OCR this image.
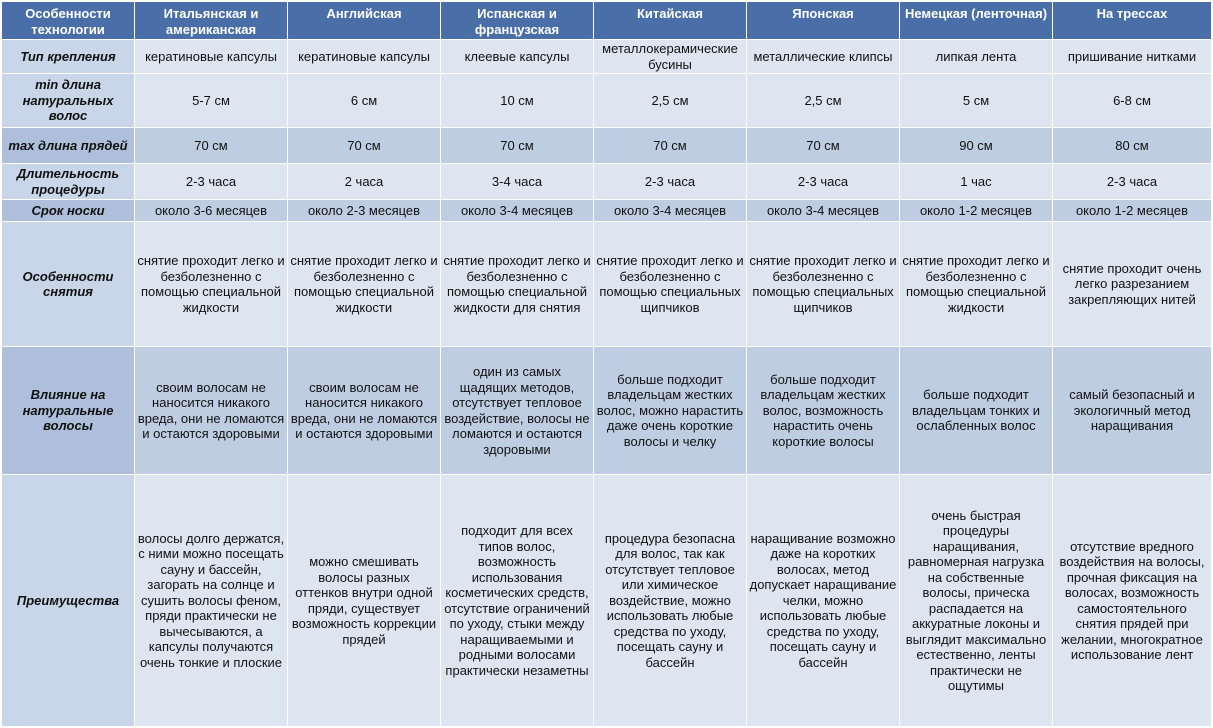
Особенности технологии	Итальянская и американская	Английская	Испанская и французская	Китайская	Японская	Немецкая (ленточная)	На трессах
Тип крепления	кератиновые капсулы	кератиновые капсулы	клеевые капсулы	металлокерамические бусины	металлические клипсы	липкая лента	пришивание нитками
min длина натуральных волос	5-7 см	6 см	10 см	2,5 см	2,5 см	5 см	6-8 см
max длина прядей	70 см	70 см	70 см	70 см	70 см	90 см	80 см
Длительность процедуры	2-3 часа	2 часа	3-4 часа	2-3 часа	2-3 часа	1 час	2-3 часа
Срок носки	около 3-6 месяцев	около 2-3 месяцев	около 3-4 месяцев	около 3-4 месяцев	около 3-4 месяцев	около 1-2 месяцев	около 1-2 месяцев
Особенности снятия	снятие проходит легко и безболезненно с помощью специальной жидкости	снятие проходит легко и безболезненно с помощью специальной жидкости	снятие проходит легко и безболезненно с помощью специальной жидкости для снятия	снятие проходит легко и безболезненно с помощью специальных щипчиков	снятие проходит легко и безболезненно с помощью специальных щипчиков	снятие проходит легко и безболезненно с помощью специальной жидкости	снятие проходит очень легко разрезанием закрепляющих нитей
Влияние на натуральные волосы	своим волосам не наносится никакого вреда, они не ломаются и остаются здоровыми	своим волосам не наносится никакого вреда, они не ломаются и остаются здоровыми	один из самых щадящих методов, отсутствует тепловое воздействие, волосы не ломаются и остаются здоровыми	больше подходит владельцам жестких волос, можно нарастить даже очень короткие волосы и челку	больше подходит владельцам жестких волос, возможность нарастить очень короткие волосы	больше подходит владельцам тонких и ослабленных волос	самый безопасный и экологичный метод наращивания
Преимущества	волосы долго держатся, с ними можно посещать сауну и бассейн, загорать на солнце и сушить волосы феном, пряди практически не вычесываются, а капсулы получаются очень тонкие и плоские	можно смешивать волосы разных оттенков внутри одной пряди, существует возможность коррекции прядей	подходит для всех типов волос, возможность использования косметических средств, отсутствие ограничений по уходу, стыки между наращиваемыми и родными волосами практически незаметны	процедура безопасна для волос, так как отсутствует тепловое или химическое воздействие, можно использовать любые средства по уходу, посещать сауну и бассейн	наращивание возможно даже на коротких волосах, метод допускает наращивание челки, можно использовать любые средства по уходу, посещать сауну и бассейн	очень быстрая процедуры наращивания, равномерная нагрузка на собственные волосы, прическа распадается на аккуратные локоны и выглядит максимально естественно, ленты практически не ощутимы	отсутствие вредного воздействия на волосы, прочная фиксация на волосах, возможность самостоятельного снятия прядей при желании, многократное использование лент
